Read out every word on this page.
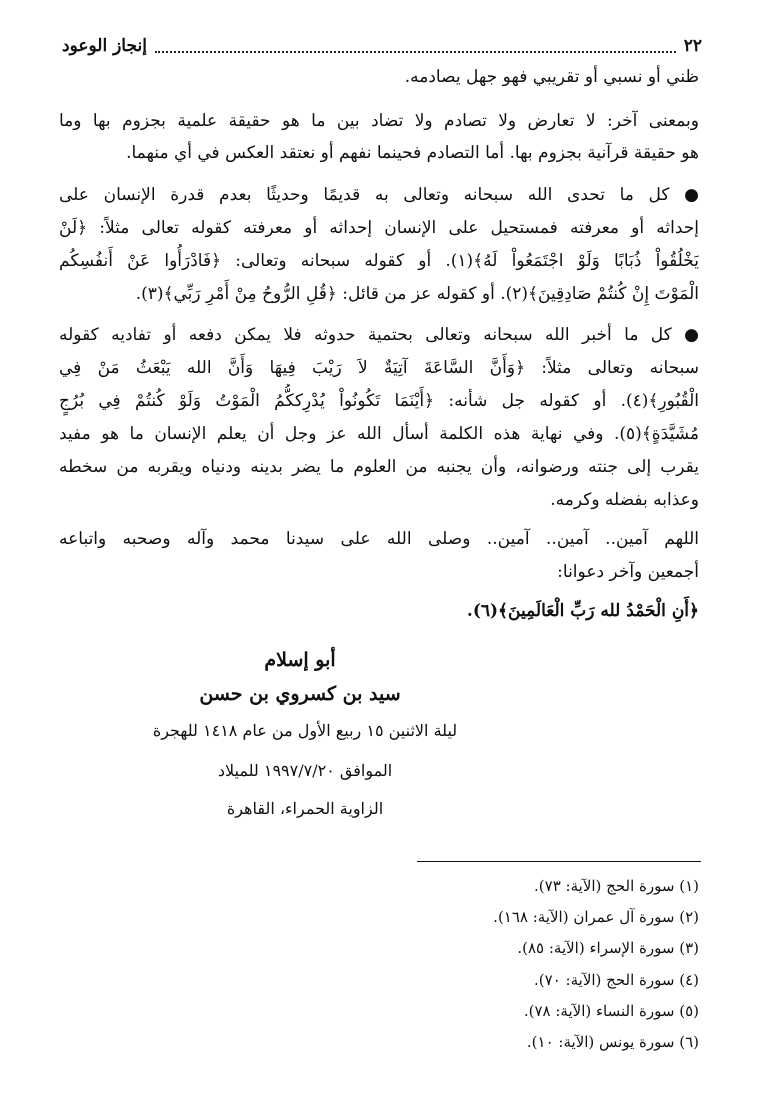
٢٢
إنجاز الوعود
ظني أو نسبي أو تقريبي فهو جهل يصادمه.
وبمعنى آخر: لا تعارض ولا تصادم ولا تضاد بين ما هو حقيقة علمية بجزوم بها وما
هو حقيقة قرآنية بجزوم بها. أما التصادم فحينما نفهم أو نعتقد العكس في أي منهما.
● كل ما تحدى الله سبحانه وتعالى به قديمًا وحديثًا بعدم قدرة الإنسان على
إحداثه أو معرفته فمستحيل على الإنسان إحداثه أو معرفته كقوله تعالى مثلاً: ﴿لَنْ
يَخْلُقُواْ ذُبَابًا وَلَوْ اجْتَمَعُواْ لَهُ﴾(١). أو كقوله سبحانه وتعالى: ﴿فَادْرَأُوا عَنْ أَنفُسِكُم
الْمَوْتَ إِنْ كُنتُمْ صَادِقِينَ﴾(٢). أو كقوله عز من قائل: ﴿قُلِ الرُّوحُ مِنْ أَمْرِ رَبِّي﴾(٣).
● كل ما أخبر الله سبحانه وتعالى بحتمية حدوثه فلا يمكن دفعه أو تفاديه كقوله
سبحانه وتعالى مثلاً: ﴿وَأَنَّ السَّاعَةَ آتِيَةٌ لاَ رَيْبَ فِيهَا وَأَنَّ الله يَبْعَثُ مَنْ فِي
الْقُبُورِ﴾(٤). أو كقوله جل شأنه: ﴿أَيْنَمَا تَكُونُواْ يُدْرِككُّمُ الْمَوْتُ وَلَوْ كُنتُمْ فِي بُرُجٍ
مُشَيَّدَةٍ﴾(٥). وفي نهاية هذه الكلمة أسأل الله عز وجل أن يعلم الإنسان ما هو مفيد
يقرب إلى جنته ورضوانه، وأن يجنبه من العلوم ما يضر بدينه ودنياه ويقربه من سخطه
وعذابه بفضله وكرمه.
اللهم آمين.. آمين.. آمين.. وصلى الله على سيدنا محمد وآله وصحبه واتباعه
أجمعين وآخر دعوانا:
﴿أَنِ الْحَمْدُ لله رَبِّ الْعَالَمِينَ﴾(٦).
أبو إسلام
سيد بن كسروي بن حسن
ليلة الاثنين ١٥ ربيع الأول من عام ١٤١٨ للهجرة
الموافق ١٩٩٧/٧/٢٠ للميلاد
الزاوية الحمراء، القاهرة
(١) سورة الحج (الآية: ٧٣).
(٢) سورة آل عمران (الآية: ١٦٨).
(٣) سورة الإسراء (الآية: ٨٥).
(٤) سورة الحج (الآية: ٧٠).
(٥) سورة النساء (الآية: ٧٨).
(٦) سورة يونس (الآية: ١٠).
